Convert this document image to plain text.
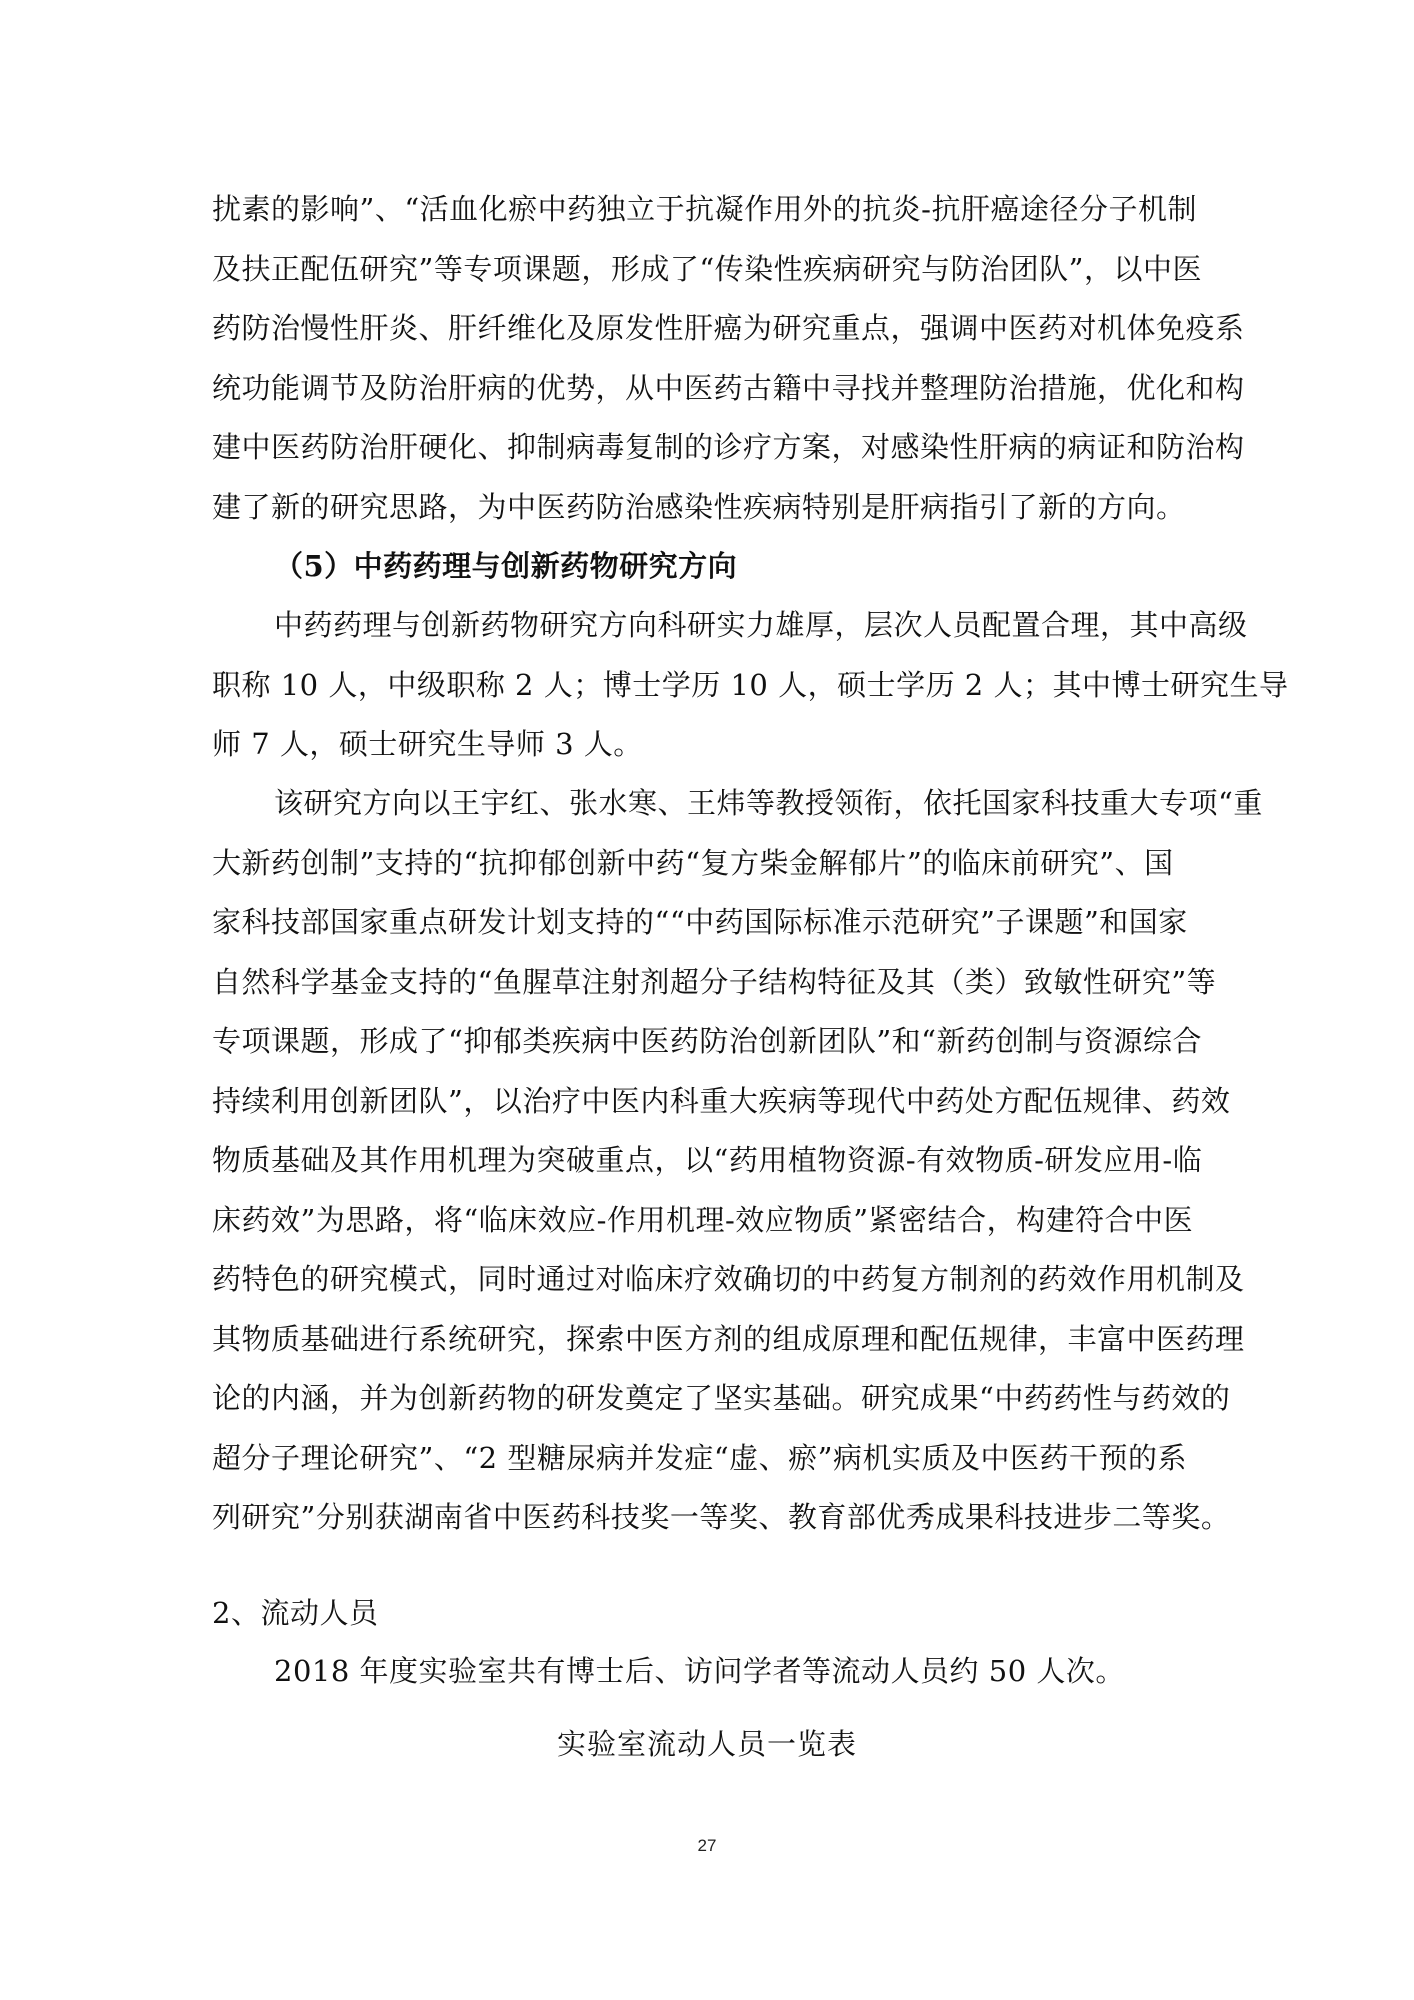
扰素的影响”、“活血化瘀中药独立于抗凝作用外的抗炎-抗肝癌途径分子机制
及扶正配伍研究”等专项课题，形成了“传染性疾病研究与防治团队”，以中医
药防治慢性肝炎、肝纤维化及原发性肝癌为研究重点，强调中医药对机体免疫系
统功能调节及防治肝病的优势，从中医药古籍中寻找并整理防治措施，优化和构
建中医药防治肝硬化、抑制病毒复制的诊疗方案，对感染性肝病的病证和防治构
建了新的研究思路，为中医药防治感染性疾病特别是肝病指引了新的方向。
（5）中药药理与创新药物研究方向
中药药理与创新药物研究方向科研实力雄厚，层次人员配置合理，其中高级
职称 10 人，中级职称 2 人；博士学历 10 人，硕士学历 2 人；其中博士研究生导
师 7 人，硕士研究生导师 3 人。
该研究方向以王宇红、张水寒、王炜等教授领衔，依托国家科技重大专项“重
大新药创制”支持的“抗抑郁创新中药“复方柴金解郁片”的临床前研究”、国
家科技部国家重点研发计划支持的““中药国际标准示范研究”子课题”和国家
自然科学基金支持的“鱼腥草注射剂超分子结构特征及其（类）致敏性研究”等
专项课题，形成了“抑郁类疾病中医药防治创新团队”和“新药创制与资源综合
持续利用创新团队”，以治疗中医内科重大疾病等现代中药处方配伍规律、药效
物质基础及其作用机理为突破重点，以“药用植物资源-有效物质-研发应用-临
床药效”为思路，将“临床效应-作用机理-效应物质”紧密结合，构建符合中医
药特色的研究模式，同时通过对临床疗效确切的中药复方制剂的药效作用机制及
其物质基础进行系统研究，探索中医方剂的组成原理和配伍规律，丰富中医药理
论的内涵，并为创新药物的研发奠定了坚实基础。研究成果“中药药性与药效的
超分子理论研究”、“2 型糖尿病并发症“虚、瘀”病机实质及中医药干预的系
列研究”分别获湖南省中医药科技奖一等奖、教育部优秀成果科技进步二等奖。
2、流动人员
2018 年度实验室共有博士后、访问学者等流动人员约 50 人次。
实验室流动人员一览表
27
